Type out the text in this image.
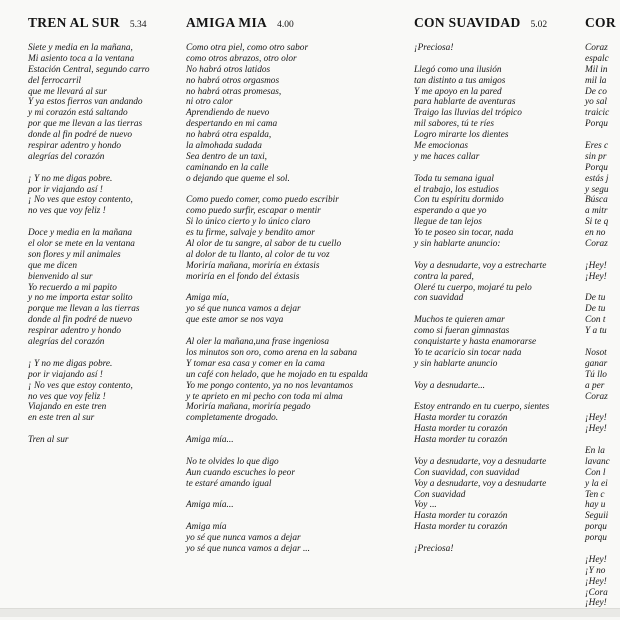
TREN AL SUR 5.34
Siete y media en la mañana,
Mi asiento toca a la ventana
Estación Central, segundo carro
del ferrocarril
que me llevará al sur
Y ya estos fierros van andando
y mi corazón está saltando
por que me llevan a las tierras
donde al fin podré de nuevo
respirar adentro y hondo
alegrías del corazón
¡ Y no me digas pobre.
por ir viajando así !
¡ No ves que estoy contento,
no ves que voy feliz !
Doce y media en la mañana
el olor se mete en la ventana
son flores y mil animales
que me dicen
bienvenido al sur
Yo recuerdo a mi papito
y no me importa estar solito
porque me llevan a las tierras
donde al fin podré de nuevo
respirar adentro y hondo
alegrías del corazón
¡ Y no me digas pobre.
por ir viajando así !
¡ No ves que estoy contento,
no ves que voy feliz !
Viajando en este tren
en este tren al sur
Tren al sur
AMIGA MIA 4.00
Como otra piel, como otro sabor
como otros abrazos, otro olor
No habrá otros latidos
no habrá otros orgasmos
no habrá otras promesas,
ni otro calor
Aprendiendo de nuevo
despertando en mi cama
no habrá otra espalda,
la almohada sudada
Sea dentro de un taxi,
caminando en la calle
o dejando que queme el sol.
Como puedo comer, como puedo escribir
como puedo surfir, escapar o mentir
Si lo único cierto y lo único claro
es tu firme, salvaje y bendito amor
Al olor de tu sangre, al sabor de tu cuello
al dolor de tu llanto, al color de tu voz
Moriría mañana, moriría en éxtasis
moriría en el fondo del éxtasis
Amiga mía,
yo sé que nunca vamos a dejar
que este amor se nos vaya
Al oler la mañana,una frase ingeniosa
los minutos son oro, como arena en la sabana
Y tomar esa casa y comer en la cama
un café con helado, que he mojado en tu espalda
Yo me pongo contento, ya no nos levantamos
y te aprieto en mi pecho con toda mi alma
Moriría mañana, moriría pegado
completamente drogado.
Amiga mía...
No te olvides lo que digo
Aun cuando escuches lo peor
te estaré amando igual
Amiga mía...
Amiga mía
yo sé que nunca vamos a dejar
yo sé que nunca vamos a dejar ...
CON SUAVIDAD 5.02
¡Preciosa!
Llegó como una ilusión
tan distinto a tus amigos
Y me apoyo en la pared
para hablarte de aventuras
Traigo las lluvias del trópico
mil sabores, tú te ríes
Logro mirarte los dientes
Me emocionas
y me haces callar
Toda tu semana igual
el trabajo, los estudios
Con tu espíritu dormido
esperando a que yo
llegue de tan lejos
Yo te poseo sin tocar, nada
y sin hablarte anuncio:
Voy a desnudarte, voy a estrecharte
contra la pared,
Oleré tu cuerpo, mojaré tu pelo
con suavidad
Muchos te quieren amar
como si fueran gimnastas
conquistarte y hasta enamorarse
Yo te acaricio sin tocar nada
y sin hablarte anuncio
Voy a desnudarte...
Estoy entrando en tu cuerpo, sientes
Hasta morder tu corazón
Hasta morder tu corazón
Hasta morder tu corazón
Voy a desnudarte, voy a desnudarte
Con suavidad, con suavidad
Voy a desnudarte, voy a desnudarte
Con suavidad
Voy ...
Hasta morder tu corazón
Hasta morder tu corazón
¡Preciosa!
COR
Coraz
espalc
Mil in
mil la
De co
yo sal
traicic
Porqu
Eres c
sin pr
Porqu
estás j
y segu
Búsca
a mitr
Si te q
en no
Coraz
¡Hey!
¡Hey!
De tu
De tu
Con t
Y a tu
Nosot
ganar
Tú llo
a per
Coraz
¡Hey!
¡Hey!
En la
lavanc
Con l
y la ei
Ten c
hay u
Seguii
porqu
porqu
¡Hey!
¡Y no
¡Hey!
¡Cora
¡Hey!
